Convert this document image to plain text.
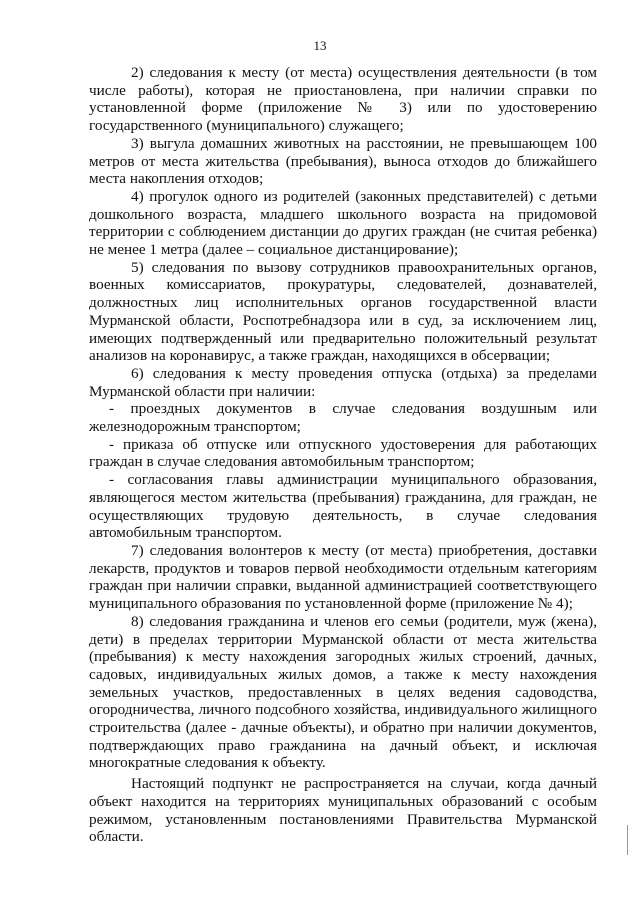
13

2) следования к месту (от места) осуществления деятельности (в том числе работы), которая не приостановлена, при наличии справки по установленной форме (приложение № 3) или по удостоверению государственного (муниципального) служащего;

3) выгула домашних животных на расстоянии, не превышающем 100 метров от места жительства (пребывания), выноса отходов до ближайшего места накопления отходов;

4) прогулок одного из родителей (законных представителей) с детьми дошкольного возраста, младшего школьного возраста на придомовой территории с соблюдением дистанции до других граждан (не считая ребенка) не менее 1 метра (далее – социальное дистанцирование);

5) следования по вызову сотрудников правоохранительных органов, военных комиссариатов, прокуратуры, следователей, дознавателей, должностных лиц исполнительных органов государственной власти Мурманской области, Роспотребнадзора или в суд, за исключением лиц, имеющих подтвержденный или предварительно положительный результат анализов на коронавирус, а также граждан, находящихся в обсервации;

6) следования к месту проведения отпуска (отдыха) за пределами Мурманской области при наличии:

- проездных документов в случае следования воздушным или железнодорожным транспортом;

- приказа об отпуске или отпускного удостоверения для работающих граждан в случае следования автомобильным транспортом;

- согласования главы администрации муниципального образования, являющегося местом жительства (пребывания) гражданина, для граждан, не осуществляющих трудовую деятельность, в случае следования автомобильным транспортом.

7) следования волонтеров к месту (от места) приобретения, доставки лекарств, продуктов и товаров первой необходимости отдельным категориям граждан при наличии справки, выданной администрацией соответствующего муниципального образования по установленной форме (приложение № 4);

8) следования гражданина и членов его семьи (родители, муж (жена), дети) в пределах территории Мурманской области от места жительства (пребывания) к месту нахождения загородных жилых строений, дачных, садовых, индивидуальных жилых домов, а также к месту нахождения земельных участков, предоставленных в целях ведения садоводства, огородничества, личного подсобного хозяйства, индивидуального жилищного строительства (далее - дачные объекты), и обратно при наличии документов, подтверждающих право гражданина на дачный объект, и исключая многократные следования к объекту.

Настоящий подпункт не распространяется на случаи, когда дачный объект находится на территориях муниципальных образований с особым режимом, установленным постановлениями Правительства Мурманской области.
